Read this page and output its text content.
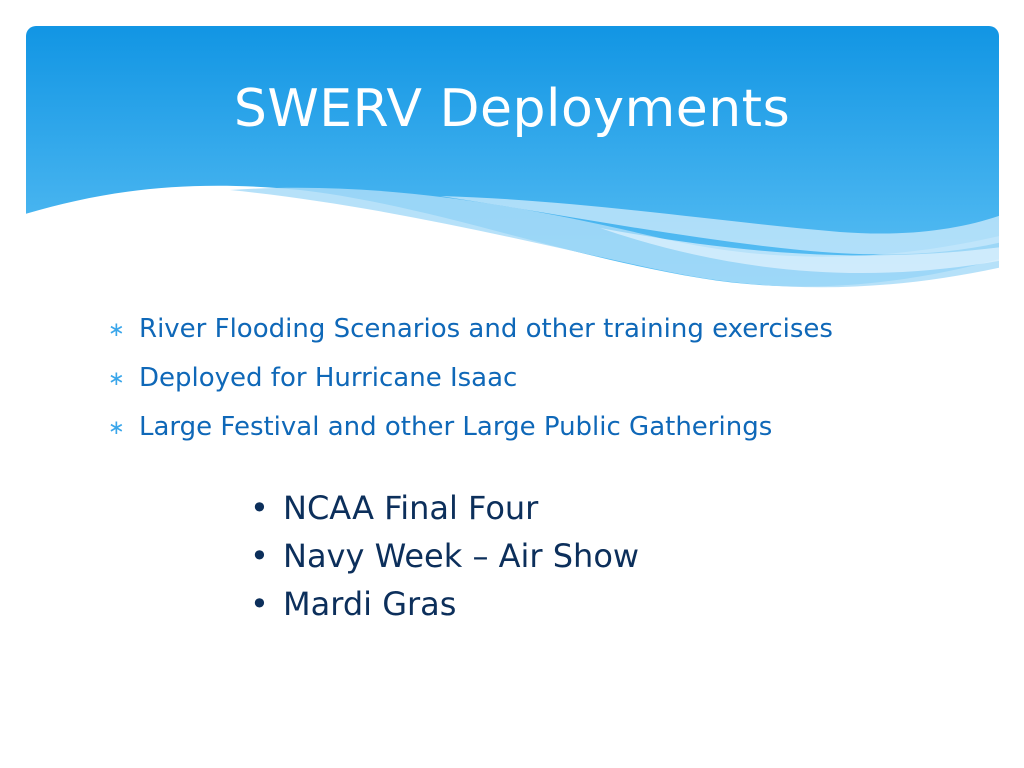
SWERV Deployments
∗ River Flooding Scenarios and other training exercises
∗ Deployed for Hurricane Isaac
∗ Large Festival and other Large Public Gatherings
• NCAA Final Four
• Navy Week – Air Show
• Mardi Gras
